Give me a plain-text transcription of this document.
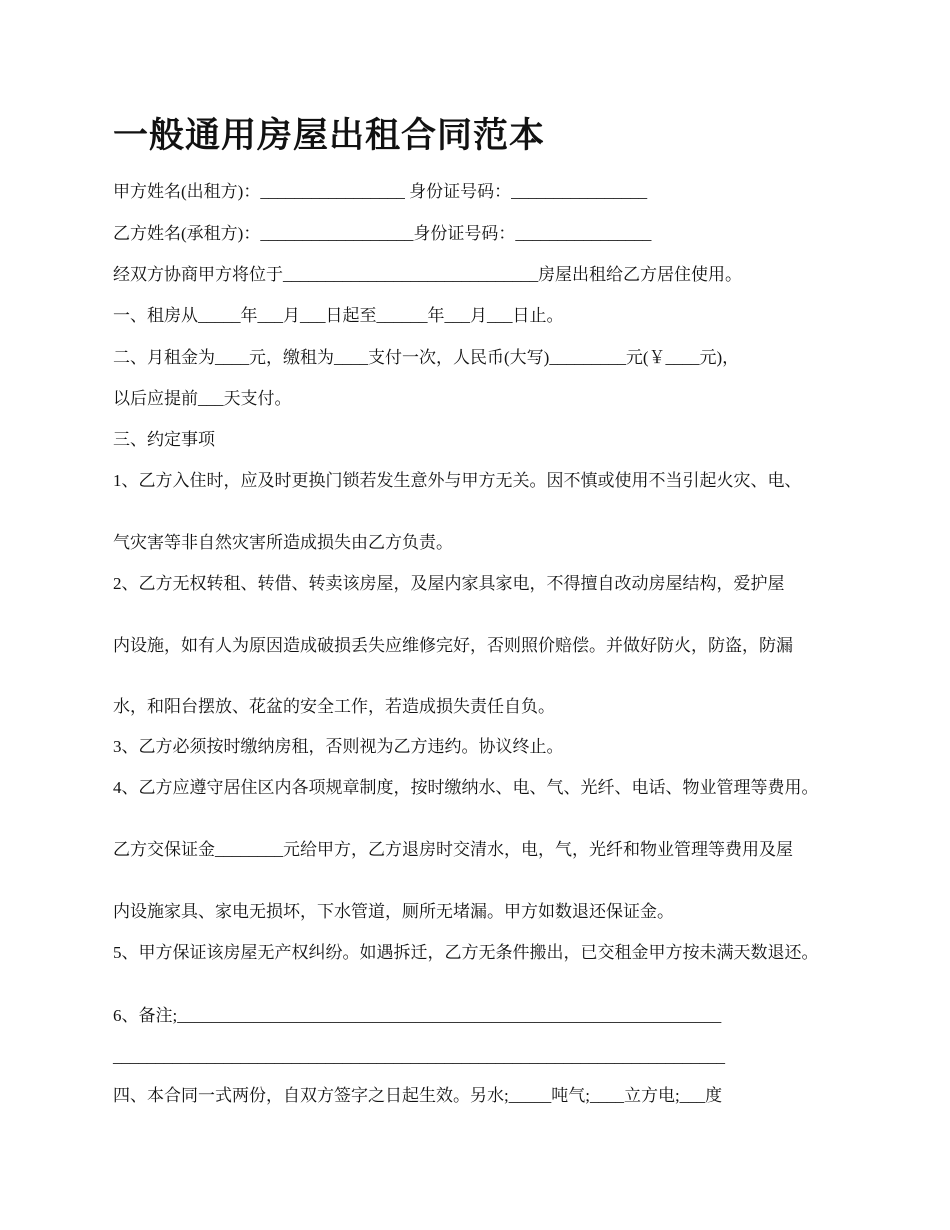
一般通用房屋出租合同范本

甲方姓名(出租方)：_________________ 身份证号码：________________

乙方姓名(承租方)：__________________身份证号码：________________

经双方协商甲方将位于______________________________房屋出租给乙方居住使用。

一、租房从_____年___月___日起至______年___月___日止。

二、月租金为____元，缴租为____支付一次，人民币(大写)_________元(￥____元)，

以后应提前___天支付。

三、约定事项

1、乙方入住时，应及时更换门锁若发生意外与甲方无关。因不慎或使用不当引起火灾、电、

气灾害等非自然灾害所造成损失由乙方负责。

2、乙方无权转租、转借、转卖该房屋，及屋内家具家电，不得擅自改动房屋结构，爱护屋

内设施，如有人为原因造成破损丢失应维修完好，否则照价赔偿。并做好防火，防盗，防漏

水，和阳台摆放、花盆的安全工作，若造成损失责任自负。

3、乙方必须按时缴纳房租，否则视为乙方违约。协议终止。

4、乙方应遵守居住区内各项规章制度，按时缴纳水、电、气、光纤、电话、物业管理等费用。

乙方交保证金________元给甲方，乙方退房时交清水，电，气，光纤和物业管理等费用及屋

内设施家具、家电无损坏，下水管道，厕所无堵漏。甲方如数退还保证金。

5、甲方保证该房屋无产权纠纷。如遇拆迁，乙方无条件搬出，已交租金甲方按未满天数退还。

6、备注;________________________________________________________________

________________________________________________________________________

四、本合同一式两份，自双方签字之日起生效。另水;_____吨气;____立方电;___度
